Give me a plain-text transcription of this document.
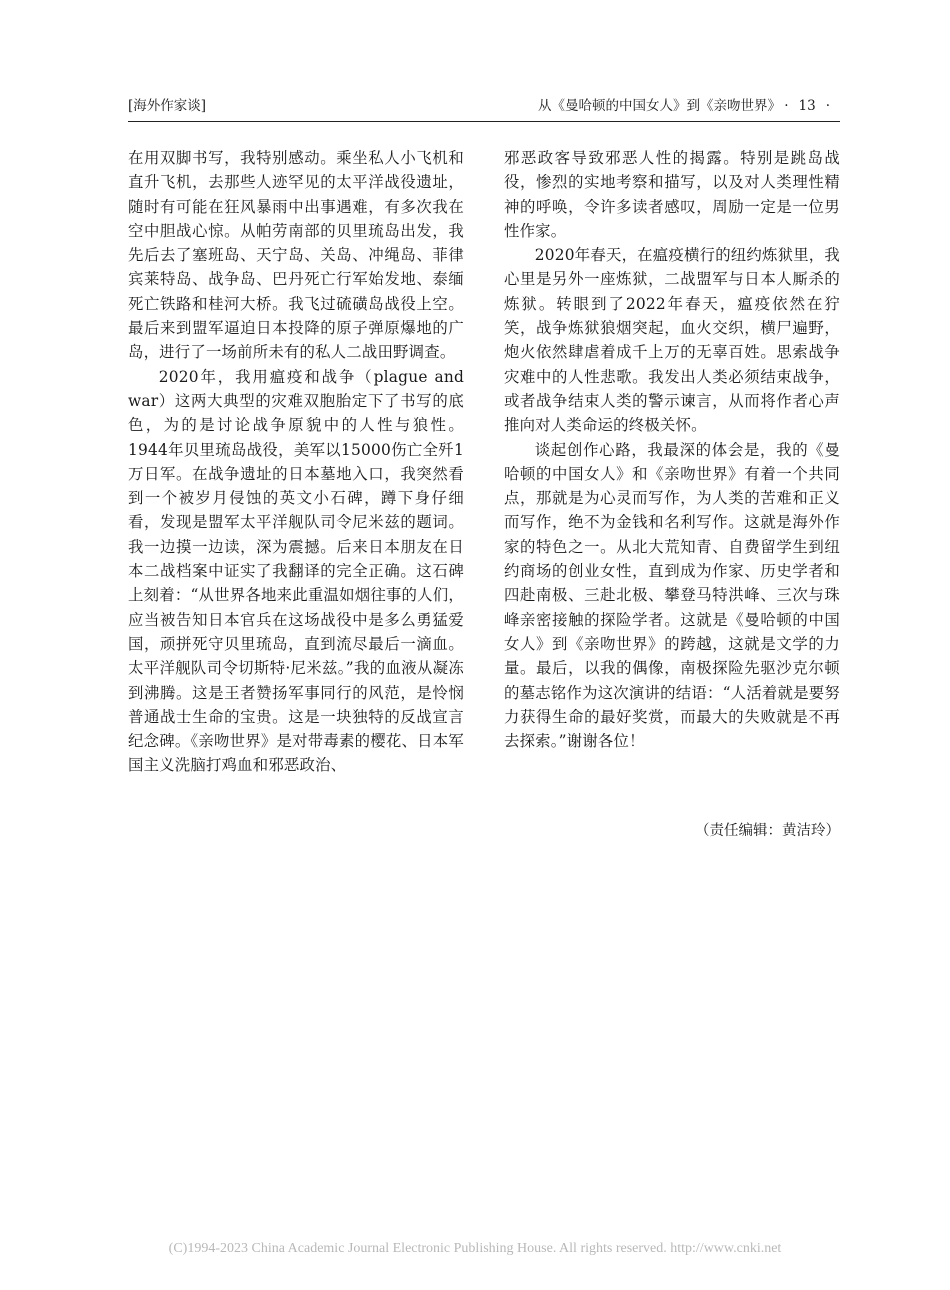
[海外作家谈]	从《曼哈顿的中国女人》到《亲吻世界》 · 13 ·

在用双脚书写，我特别感动。乘坐私人小飞机和直升飞机，去那些人迹罕见的太平洋战役遗址，随时有可能在狂风暴雨中出事遇难，有多次我在空中胆战心惊。从帕劳南部的贝里琉岛出发，我先后去了塞班岛、天宁岛、关岛、冲绳岛、菲律宾莱特岛、战争岛、巴丹死亡行军始发地、泰缅死亡铁路和桂河大桥。我飞过硫磺岛战役上空。最后来到盟军逼迫日本投降的原子弹原爆地的广岛，进行了一场前所未有的私人二战田野调查。

2020年，我用瘟疫和战争（plague and war）这两大典型的灾难双胞胎定下了书写的底色，为的是讨论战争原貌中的人性与狼性。1944年贝里琉岛战役，美军以15000伤亡全歼1万日军。在战争遗址的日本墓地入口，我突然看到一个被岁月侵蚀的英文小石碑，蹲下身仔细看，发现是盟军太平洋舰队司令尼米兹的题词。我一边摸一边读，深为震撼。后来日本朋友在日本二战档案中证实了我翻译的完全正确。这石碑上刻着：“从世界各地来此重温如烟往事的人们，应当被告知日本官兵在这场战役中是多么勇猛爱国，顽拼死守贝里琉岛，直到流尽最后一滴血。太平洋舰队司令切斯特·尼米兹。”我的血液从凝冻到沸腾。这是王者赞扬军事同行的风范，是怜悯普通战士生命的宝贵。这是一块独特的反战宣言纪念碑。《亲吻世界》是对带毒素的樱花、日本军国主义洗脑打鸡血和邪恶政治、

邪恶政客导致邪恶人性的揭露。特别是跳岛战役，惨烈的实地考察和描写，以及对人类理性精神的呼唤，令许多读者感叹，周励一定是一位男性作家。

2020年春天，在瘟疫横行的纽约炼狱里，我心里是另外一座炼狱，二战盟军与日本人厮杀的炼狱。转眼到了2022年春天，瘟疫依然在狞笑，战争炼狱狼烟突起，血火交织，横尸遍野，炮火依然肆虐着成千上万的无辜百姓。思索战争灾难中的人性悲歌。我发出人类必须结束战争，或者战争结束人类的警示谏言，从而将作者心声推向对人类命运的终极关怀。

谈起创作心路，我最深的体会是，我的《曼哈顿的中国女人》和《亲吻世界》有着一个共同点，那就是为心灵而写作，为人类的苦难和正义而写作，绝不为金钱和名利写作。这就是海外作家的特色之一。从北大荒知青、自费留学生到纽约商场的创业女性，直到成为作家、历史学者和四赴南极、三赴北极、攀登马特洪峰、三次与珠峰亲密接触的探险学者。这就是《曼哈顿的中国女人》到《亲吻世界》的跨越，这就是文学的力量。最后，以我的偶像，南极探险先驱沙克尔顿的墓志铭作为这次演讲的结语：“人活着就是要努力获得生命的最好奖赏，而最大的失败就是不再去探索。”谢谢各位！

（责任编辑：黄洁玲）
(C)1994-2023 China Academic Journal Electronic Publishing House. All rights reserved. http://www.cnki.net
